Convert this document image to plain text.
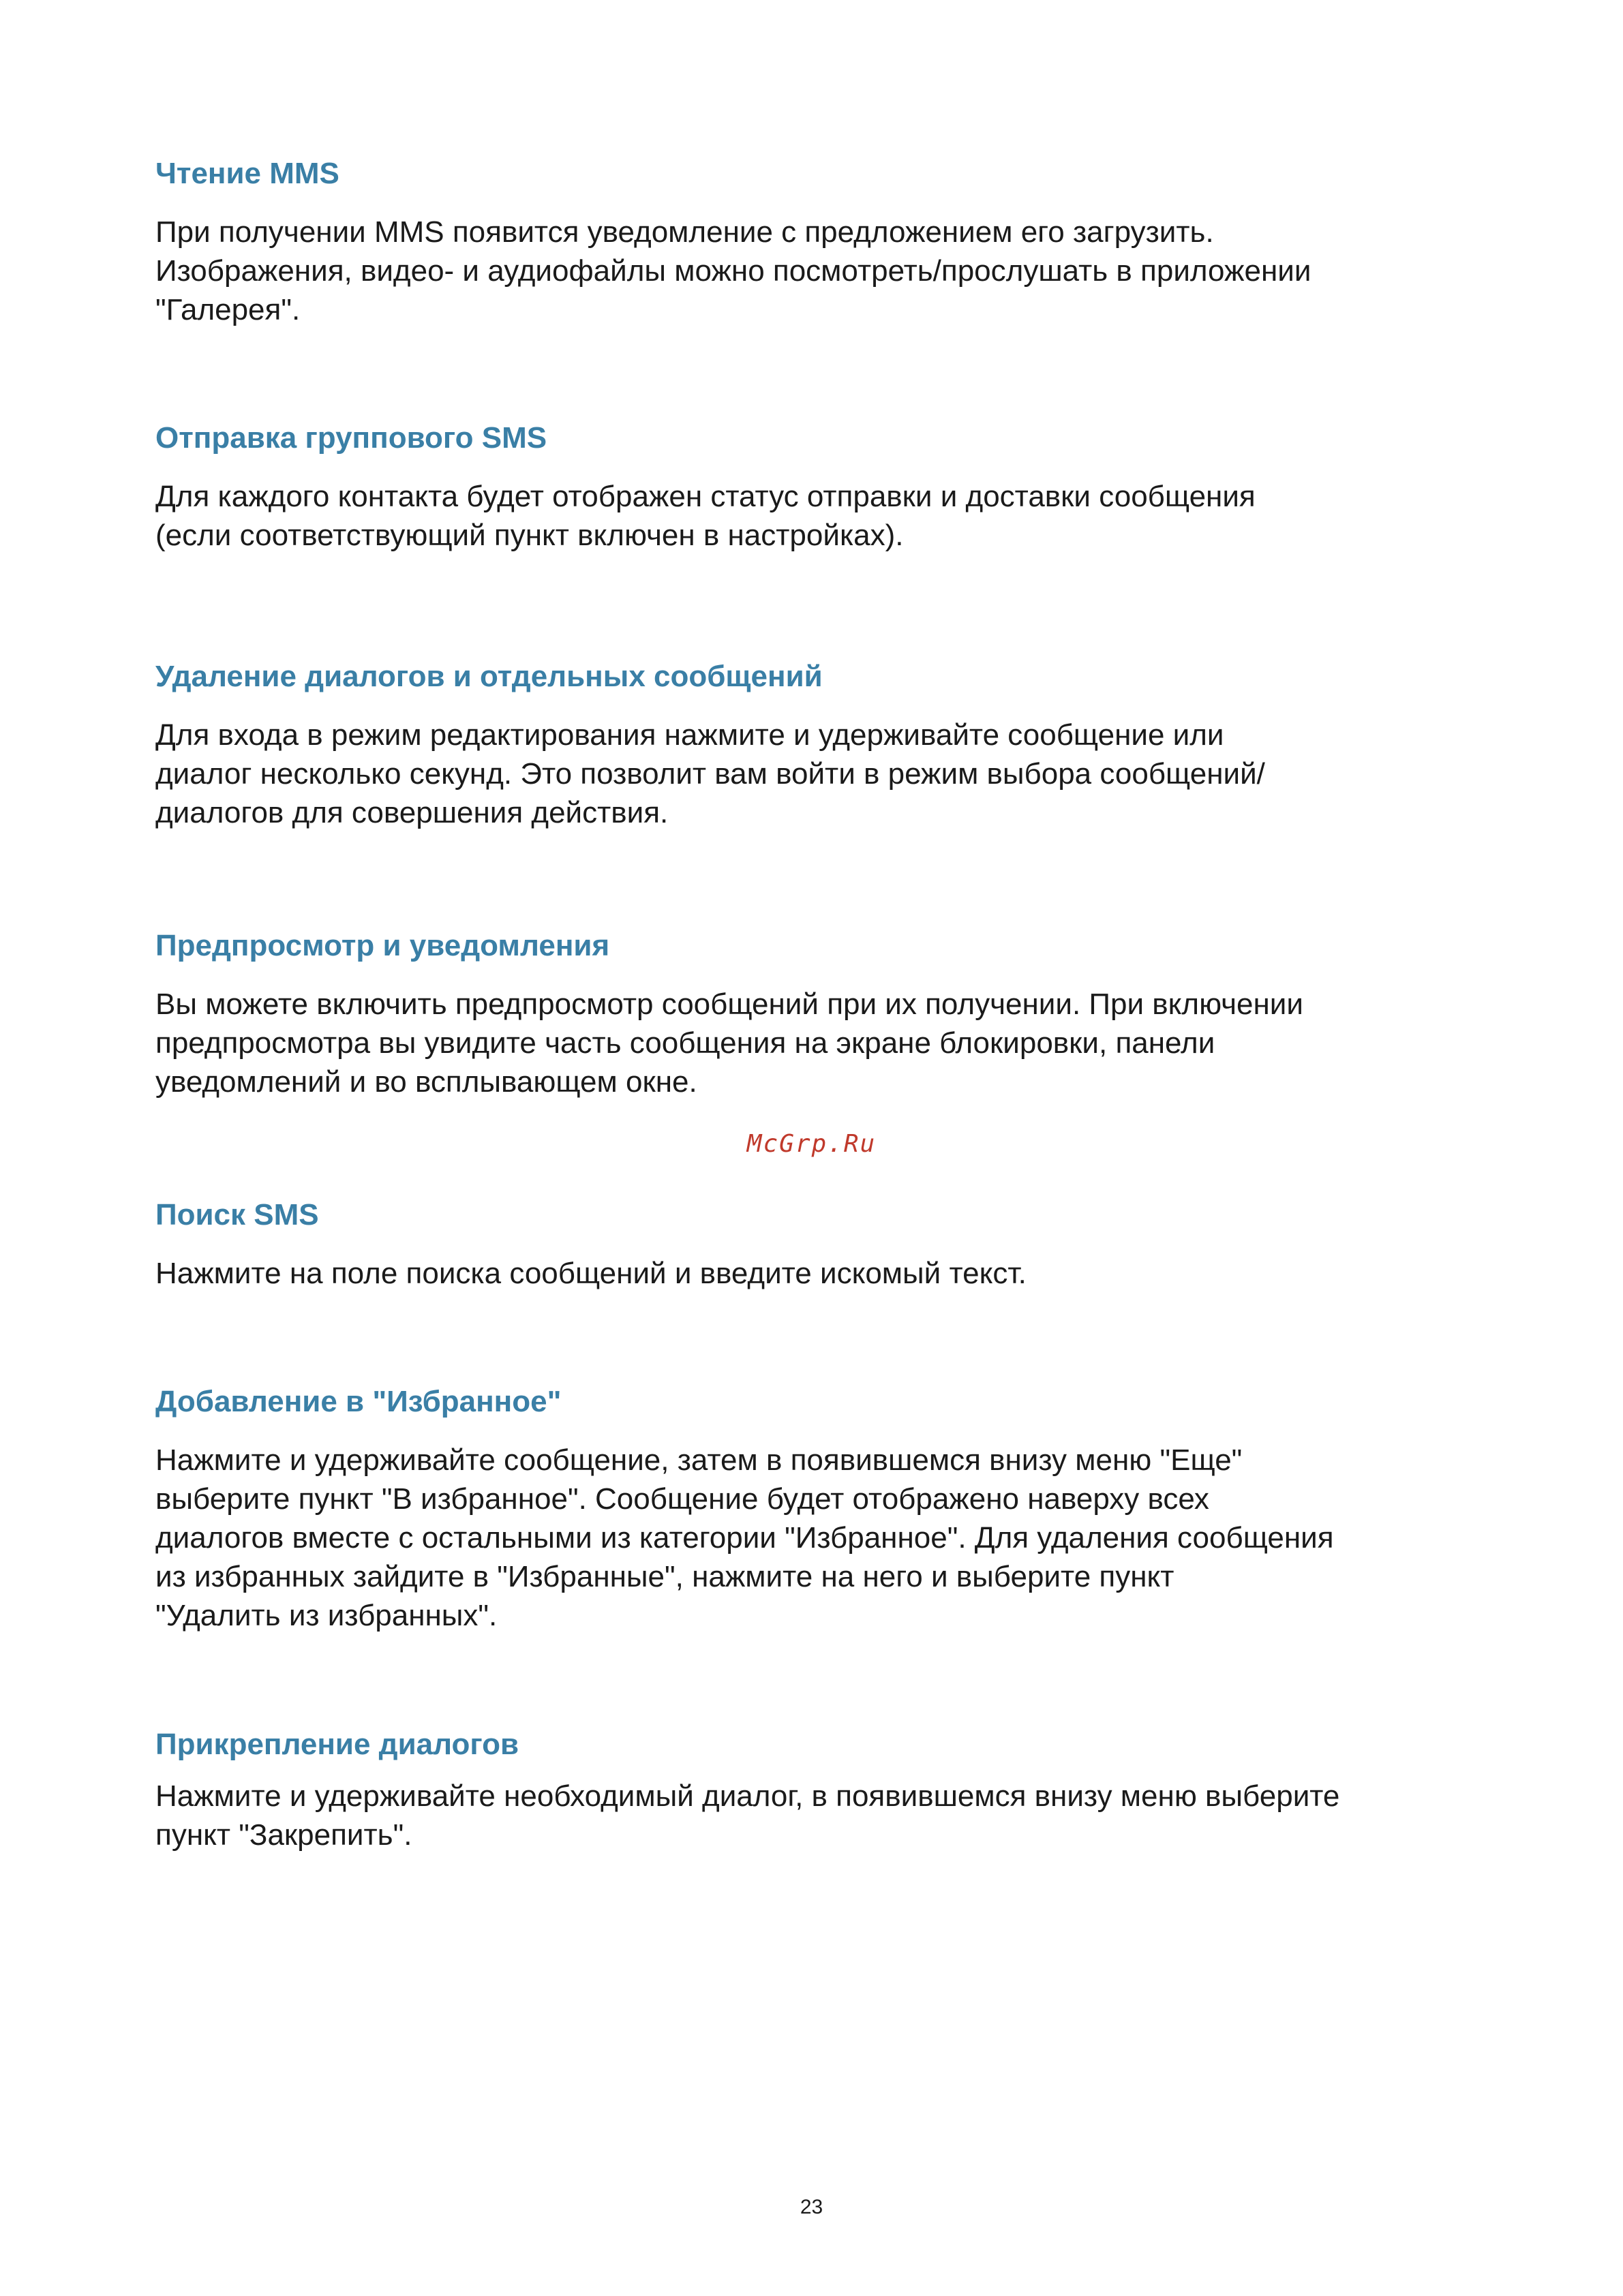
Чтение MMS

При получении MMS появится уведомление с предложением его загрузить.
Изображения, видео- и аудиофайлы можно посмотреть/прослушать в приложении
"Галерея".

Отправка группового SMS

Для каждого контакта будет отображен статус отправки и доставки сообщения
(если соответствующий пункт включен в настройках).

Удаление диалогов и отдельных сообщений

Для входа в режим редактирования нажмите и удерживайте сообщение или
диалог несколько секунд. Это позволит вам войти в режим выбора сообщений/
диалогов для совершения действия.

Предпросмотр и уведомления

Вы можете включить предпросмотр сообщений при их получении. При включении
предпросмотра вы увидите часть сообщения на экране блокировки, панели
уведомлений и во всплывающем окне.

McGrp.Ru
Поиск SMS

Нажмите на поле поиска сообщений и введите искомый текст.

Добавление в "Избранное"

Нажмите и удерживайте сообщение, затем в появившемся внизу меню "Еще"
выберите пункт "В избранное". Сообщение будет отображено наверху всех
диалогов вместе с остальными из категории "Избранное". Для удаления сообщения
из избранных зайдите в "Избранные", нажмите на него и выберите пункт
"Удалить из избранных".

Прикрепление диалогов

Нажмите и удерживайте необходимый диалог, в появившемся внизу меню выберите
пункт "Закрепить".

23
